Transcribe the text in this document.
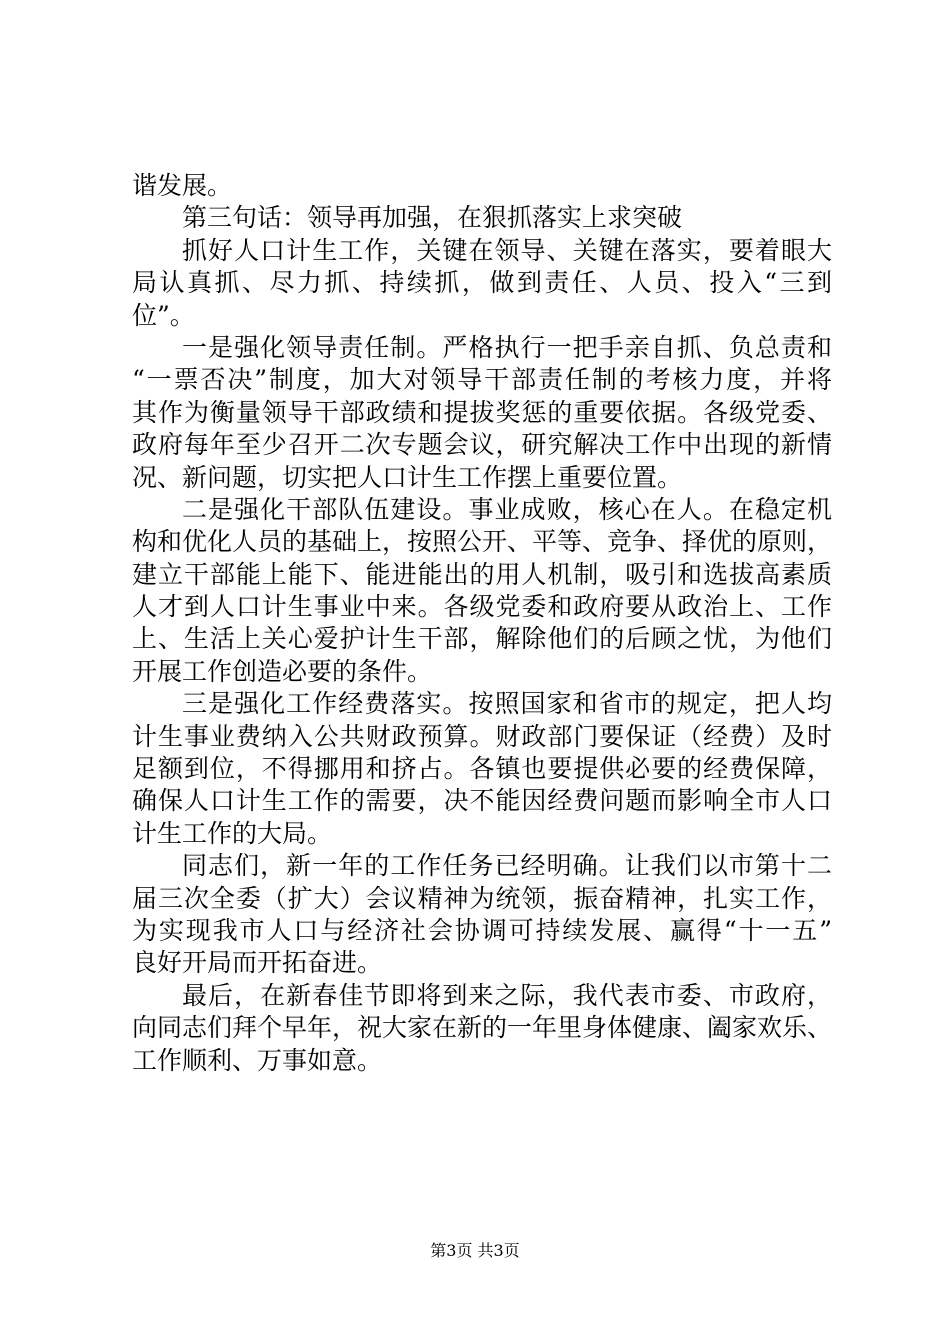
谐发展。
第三句话：领导再加强，在狠抓落实上求突破
抓好人口计生工作，关键在领导、关键在落实，要着眼大
局认真抓、尽力抓、持续抓，做到责任、人员、投入“三到
位”。
一是强化领导责任制。严格执行一把手亲自抓、负总责和
“一票否决”制度，加大对领导干部责任制的考核力度，并将
其作为衡量领导干部政绩和提拔奖惩的重要依据。各级党委、
政府每年至少召开二次专题会议，研究解决工作中出现的新情
况、新问题，切实把人口计生工作摆上重要位置。
二是强化干部队伍建设。事业成败，核心在人。在稳定机
构和优化人员的基础上，按照公开、平等、竞争、择优的原则，
建立干部能上能下、能进能出的用人机制，吸引和选拔高素质
人才到人口计生事业中来。各级党委和政府要从政治上、工作
上、生活上关心爱护计生干部，解除他们的后顾之忧，为他们
开展工作创造必要的条件。
三是强化工作经费落实。按照国家和省市的规定，把人均
计生事业费纳入公共财政预算。财政部门要保证（经费）及时
足额到位，不得挪用和挤占。各镇也要提供必要的经费保障，
确保人口计生工作的需要，决不能因经费问题而影响全市人口
计生工作的大局。
同志们，新一年的工作任务已经明确。让我们以市第十二
届三次全委（扩大）会议精神为统领，振奋精神，扎实工作，
为实现我市人口与经济社会协调可持续发展、赢得“十一五”
良好开局而开拓奋进。
最后，在新春佳节即将到来之际，我代表市委、市政府，
向同志们拜个早年，祝大家在新的一年里身体健康、阖家欢乐、
工作顺利、万事如意。
第3页 共3页
